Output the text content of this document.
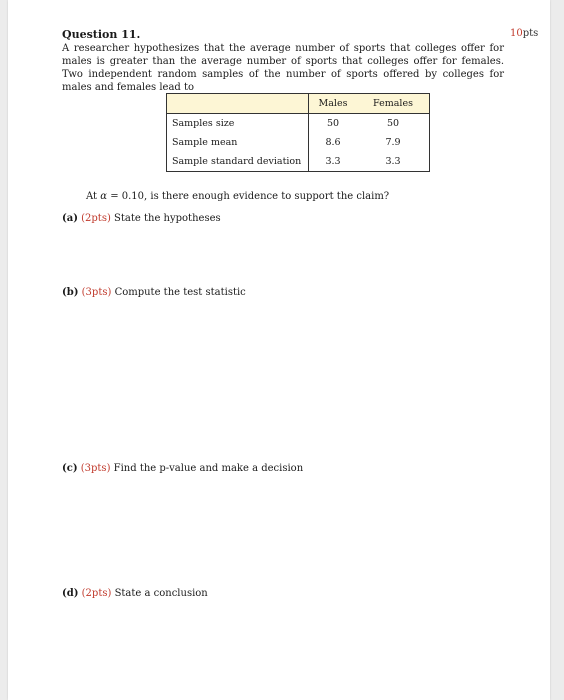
10pts
Question 11.
A researcher hypothesizes that the average number of sports that colleges offer for males is greater than the average number of sports that colleges offer for females. Two independent random samples of the number of sports offered by colleges for males and females lead to
	Males	Females
Samples size	50	50
Sample mean	8.6	7.9
Sample standard deviation	3.3	3.3
At α = 0.10, is there enough evidence to support the claim?
(a) (2pts) State the hypotheses
(b) (3pts) Compute the test statistic
(c) (3pts) Find the p-value and make a decision
(d) (2pts) State a conclusion
